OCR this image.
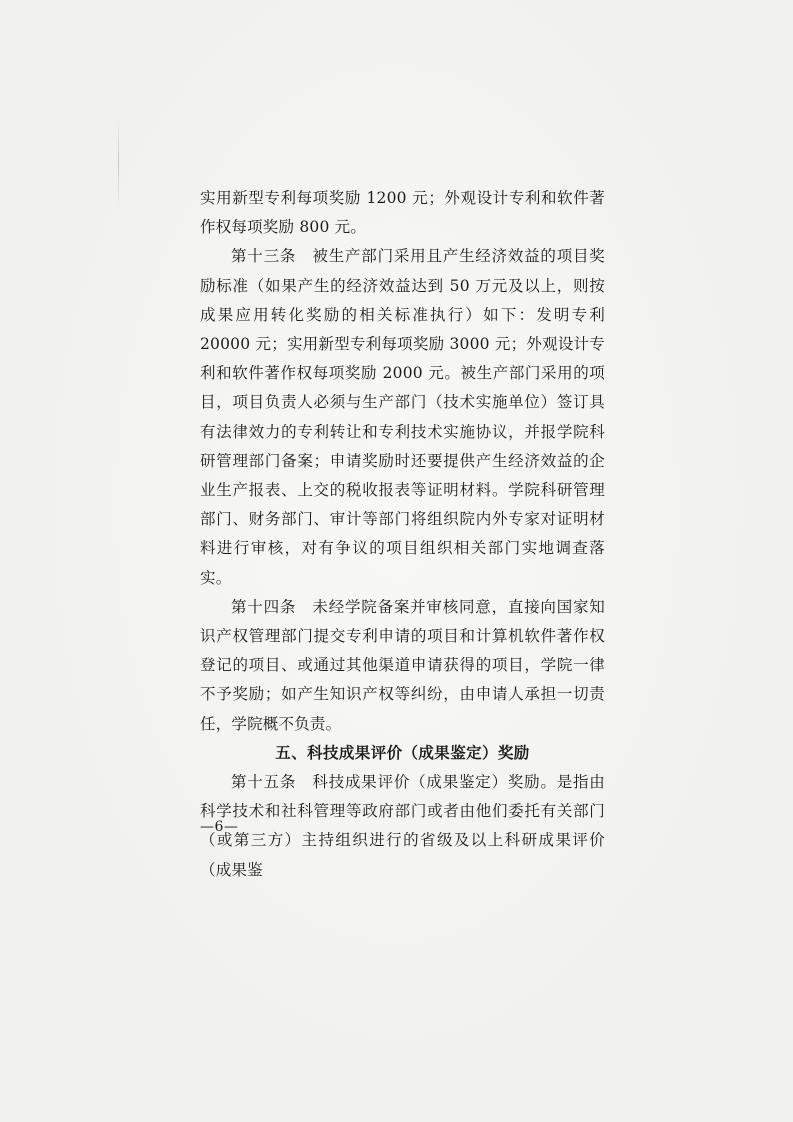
实用新型专利每项奖励 1200 元；外观设计专利和软件著作权每项奖励 800 元。

第十三条　被生产部门采用且产生经济效益的项目奖励标准（如果产生的经济效益达到 50 万元及以上，则按成果应用转化奖励的相关标准执行）如下：发明专利 20000 元；实用新型专利每项奖励 3000 元；外观设计专利和软件著作权每项奖励 2000 元。被生产部门采用的项目，项目负责人必须与生产部门（技术实施单位）签订具有法律效力的专利转让和专利技术实施协议，并报学院科研管理部门备案；申请奖励时还要提供产生经济效益的企业生产报表、上交的税收报表等证明材料。学院科研管理部门、财务部门、审计等部门将组织院内外专家对证明材料进行审核，对有争议的项目组织相关部门实地调查落实。

第十四条　未经学院备案并审核同意，直接向国家知识产权管理部门提交专利申请的项目和计算机软件著作权登记的项目、或通过其他渠道申请获得的项目，学院一律不予奖励；如产生知识产权等纠纷，由申请人承担一切责任，学院概不负责。

五、科技成果评价（成果鉴定）奖励

第十五条　科技成果评价（成果鉴定）奖励。是指由科学技术和社科管理等政府部门或者由他们委托有关部门（或第三方）主持组织进行的省级及以上科研成果评价（成果鉴

—6—
